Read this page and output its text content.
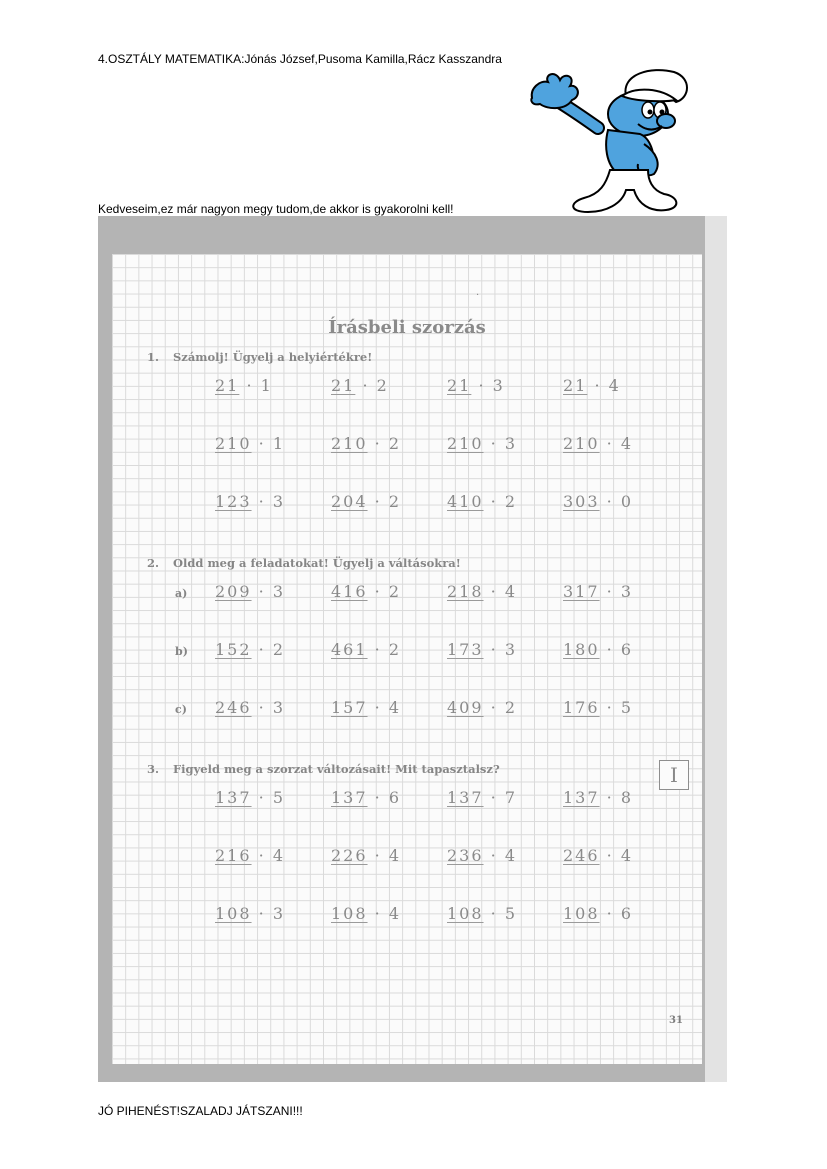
4.OSZTÁLY MATEMATIKA:Jónás József,Pusoma Kamilla,Rácz Kasszandra
Kedveseim,ez már nagyon megy tudom,de akkor is gyakorolni kell!
·
Írásbeli szorzás
1. Számolj! Ügyelj a helyiértékre!
21 · 1	21 · 2	21 · 3	21 · 4
210 · 1	210 · 2	210 · 3	210 · 4
123 · 3	204 · 2	410 · 2	303 · 0
2. Oldd meg a feladatokat! Ügyelj a váltásokra!
a) 209 · 3	416 · 2	218 · 4	317 · 3
b) 152 · 2	461 · 2	173 · 3	180 · 6
c) 246 · 3	157 · 4	409 · 2	176 · 5
3. Figyeld meg a szorzat változásait! Mit tapasztalsz?
137 · 5	137 · 6	137 · 7	137 · 8
216 · 4	226 · 4	236 · 4	246 · 4
108 · 3	108 · 4	108 · 5	108 · 6
I
31
JÓ PIHENÉST!SZALADJ JÁTSZANI!!!
